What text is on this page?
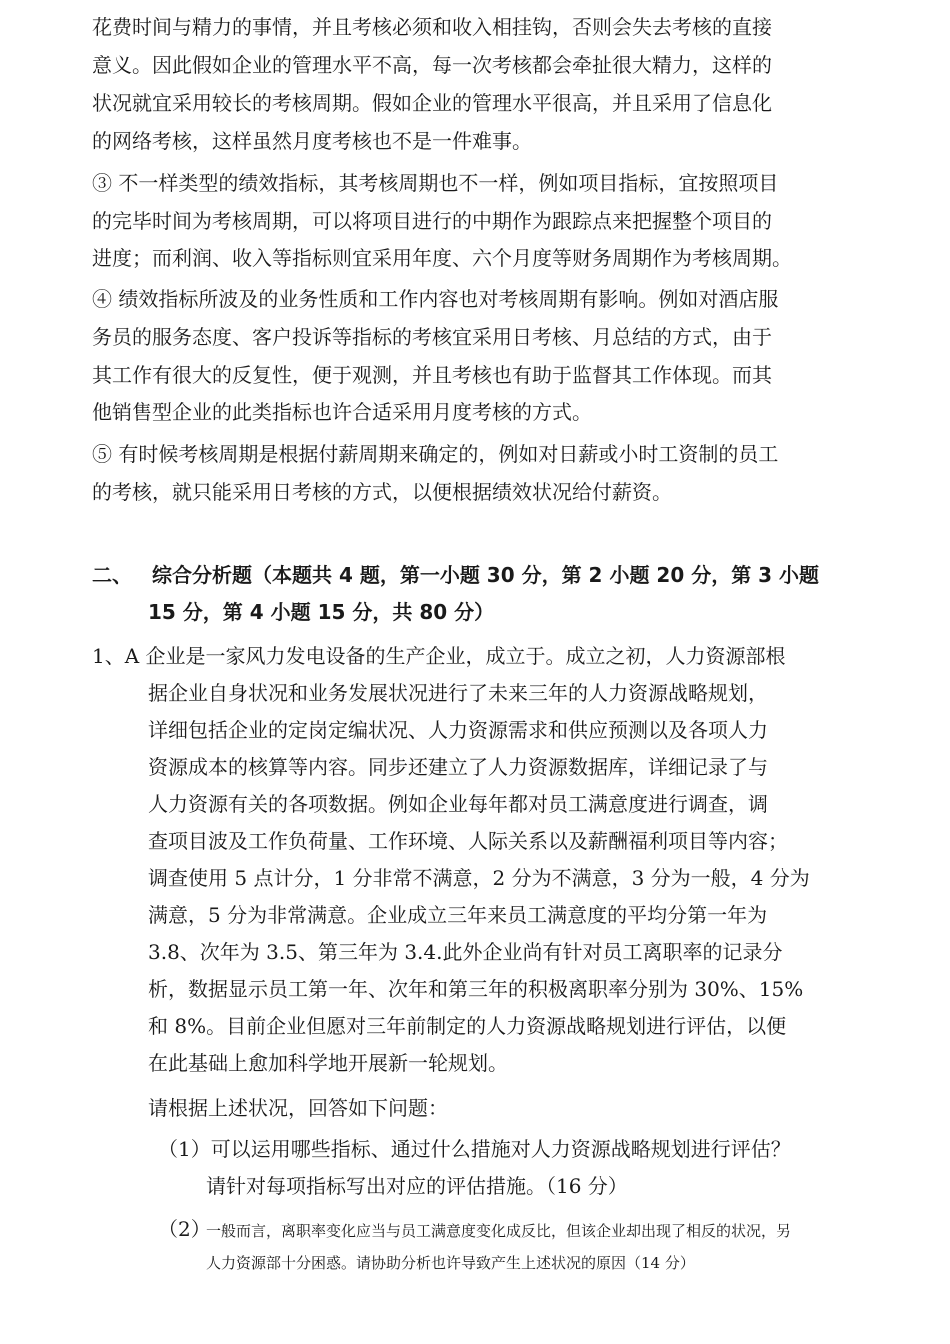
花费时间与精力的事情，并且考核必须和收入相挂钩，否则会失去考核的直接
意义。因此假如企业的管理水平不高，每一次考核都会牵扯很大精力，这样的
状况就宜采用较长的考核周期。假如企业的管理水平很高，并且采用了信息化
的网络考核，这样虽然月度考核也不是一件难事。
③ 不一样类型的绩效指标，其考核周期也不一样，例如项目指标，宜按照项目
的完毕时间为考核周期，可以将项目进行的中期作为跟踪点来把握整个项目的
进度；而利润、收入等指标则宜采用年度、六个月度等财务周期作为考核周期。
④ 绩效指标所波及的业务性质和工作内容也对考核周期有影响。例如对酒店服
务员的服务态度、客户投诉等指标的考核宜采用日考核、月总结的方式，由于
其工作有很大的反复性，便于观测，并且考核也有助于监督其工作体现。而其
他销售型企业的此类指标也许合适采用月度考核的方式。
⑤ 有时候考核周期是根据付薪周期来确定的，例如对日薪或小时工资制的员工
的考核，就只能采用日考核的方式，以便根据绩效状况给付薪资。
二、 综合分析题（本题共 4 题，第一小题 30 分，第 2 小题 20 分，第 3 小题
15 分，第 4 小题 15 分，共 80 分）
1、A 企业是一家风力发电设备的生产企业，成立于。成立之初，人力资源部根
据企业自身状况和业务发展状况进行了未来三年的人力资源战略规划，
详细包括企业的定岗定编状况、人力资源需求和供应预测以及各项人力
资源成本的核算等内容。同步还建立了人力资源数据库，详细记录了与
人力资源有关的各项数据。例如企业每年都对员工满意度进行调查，调
查项目波及工作负荷量、工作环境、人际关系以及薪酬福利项目等内容；
调查使用 5 点计分，1 分非常不满意，2 分为不满意，3 分为一般，4 分为
满意，5 分为非常满意。企业成立三年来员工满意度的平均分第一年为
3.8、次年为 3.5、第三年为 3.4.此外企业尚有针对员工离职率的记录分
析，数据显示员工第一年、次年和第三年的积极离职率分别为 30%、15%
和 8%。目前企业但愿对三年前制定的人力资源战略规划进行评估，以便
在此基础上愈加科学地开展新一轮规划。
请根据上述状况，回答如下问题：
（1）可以运用哪些指标、通过什么措施对人力资源战略规划进行评估？
请针对每项指标写出对应的评估措施。（16 分）
（2）
一般而言，离职率变化应当与员工满意度变化成反比，但该企业却出现了相反的状况，另
人力资源部十分困惑。请协助分析也许导致产生上述状况的原因（14 分）
